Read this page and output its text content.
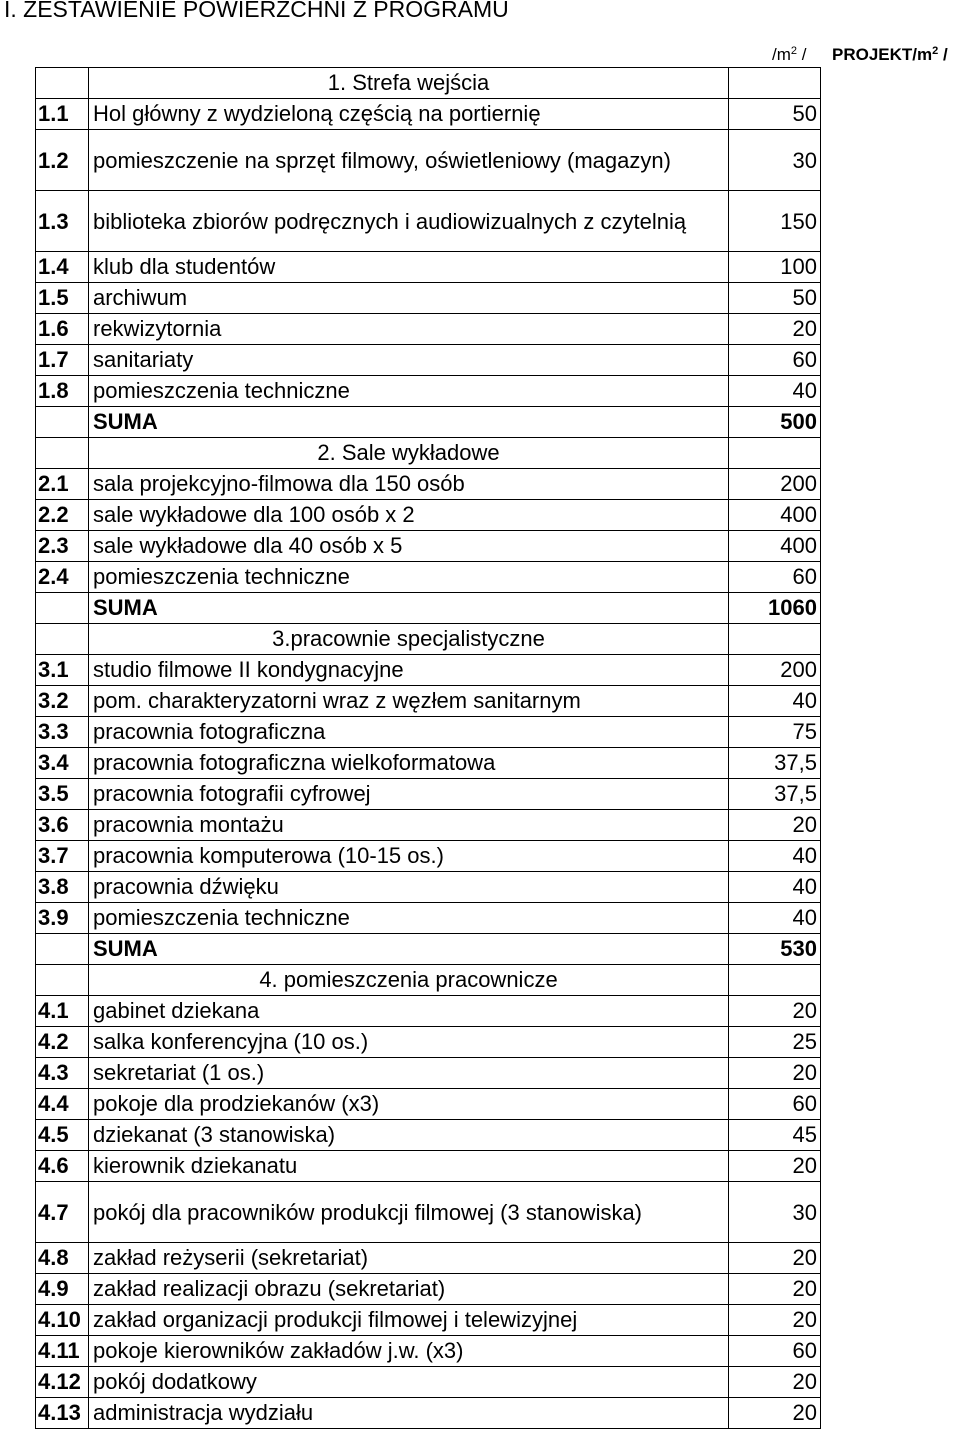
I. ZESTAWIENIE POWIERZCHNI Z PROGRAMU
$/m^2$ / PROJEKT/$m^2$ /
	1. Strefa wejścia	
1.1	Hol główny z wydzieloną częścią na portiernię	50
1.2	pomieszczenie na sprzęt filmowy, oświetleniowy (magazyn)	30
1.3	biblioteka zbiorów podręcznych i audiowizualnych z czytelnią	150
1.4	klub dla studentów	100
1.5	archiwum	50
1.6	rekwizytornia	20
1.7	sanitariaty	60
1.8	pomieszczenia techniczne	40
	SUMA	500
	2. Sale wykładowe	
2.1	sala projekcyjno-filmowa dla 150 osób	200
2.2	sale wykładowe dla 100 osób x 2	400
2.3	sale wykładowe dla 40 osób x 5	400
2.4	pomieszczenia techniczne	60
	SUMA	1060
	3.pracownie specjalistyczne	
3.1	studio filmowe II kondygnacyjne	200
3.2	pom. charakteryzatorni wraz z węzłem sanitarnym	40
3.3	pracownia fotograficzna	75
3.4	pracownia fotograficzna wielkoformatowa	37,5
3.5	pracownia fotografii cyfrowej	37,5
3.6	pracownia montażu	20
3.7	pracownia komputerowa (10-15 os.)	40
3.8	pracownia dźwięku	40
3.9	pomieszczenia techniczne	40
	SUMA	530
	4. pomieszczenia pracownicze	
4.1	gabinet dziekana	20
4.2	salka konferencyjna (10 os.)	25
4.3	sekretariat (1 os.)	20
4.4	pokoje dla prodziekanów (x3)	60
4.5	dziekanat (3 stanowiska)	45
4.6	kierownik dziekanatu	20
4.7	pokój dla pracowników produkcji filmowej (3 stanowiska)	30
4.8	zakład reżyserii (sekretariat)	20
4.9	zakład realizacji obrazu (sekretariat)	20
4.10	zakład organizacji produkcji filmowej i telewizyjnej	20
4.11	pokoje kierowników zakładów j.w. (x3)	60
4.12	pokój dodatkowy	20
4.13	administracja wydziału	20
